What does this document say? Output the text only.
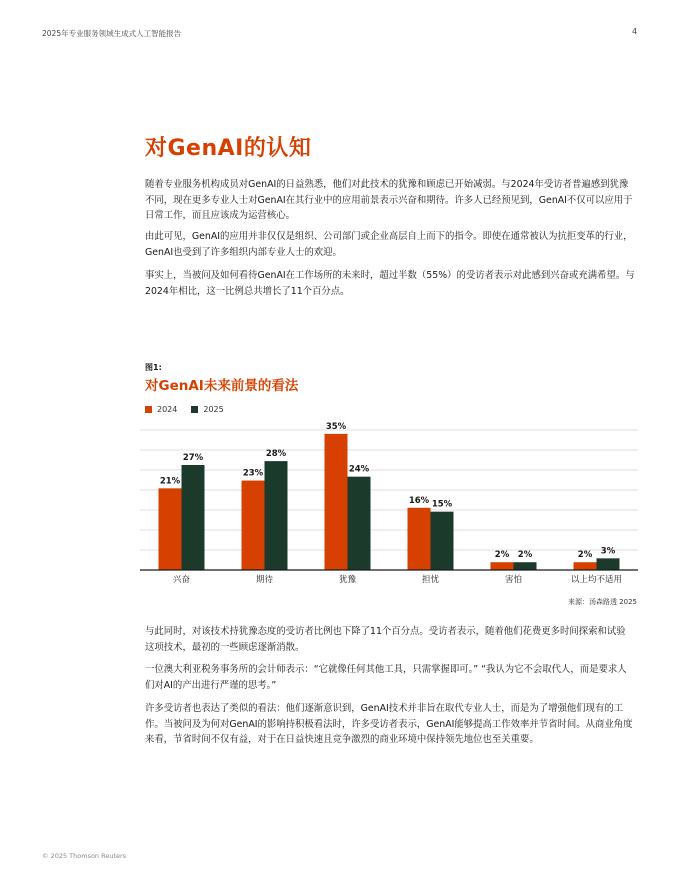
2025年专业服务领域生成式人工智能报告	4
对GenAI的认知

随着专业服务机构成员对GenAI的日益熟悉，他们对此技术的犹豫和顾虑已开始减弱。与2024年受访者普遍感到犹豫不同，现在更多专业人士对GenAI在其行业中的应用前景表示兴奋和期待。许多人已经预见到，GenAI不仅可以应用于日常工作，而且应该成为运营核心。

由此可见，GenAI的应用并非仅仅是组织、公司部门或企业高层自上而下的指令。即使在通常被认为抗拒变革的行业，GenAI也受到了许多组织内部专业人士的欢迎。

事实上，当被问及如何看待GenAI在工作场所的未来时，超过半数（55%）的受访者表示对此感到兴奋或充满希望。与2024年相比，这一比例总共增长了11个百分点。

图1:
对GenAI未来前景的看法
2024	2025
21%
27%
兴奋
23%
28%
期待
35%
24%
犹豫
16% 15%
担忧
2% 2%
害怕
2% 3%
以上均不适用
来源：汤森路透 2025

与此同时，对该技术持犹豫态度的受访者比例也下降了11个百分点。受访者表示，随着他们花费更多时间探索和试验这项技术，最初的一些顾虑逐渐消散。

一位澳大利亚税务事务所的会计师表示：“它就像任何其他工具，只需掌握即可。” “我认为它不会取代人，而是要求人们对AI的产出进行严谨的思考。”

许多受访者也表达了类似的看法：他们逐渐意识到，GenAI技术并非旨在取代专业人士，而是为了增强他们现有的工作。当被问及为何对GenAI的影响持积极看法时，许多受访者表示，GenAI能够提高工作效率并节省时间。从商业角度来看，节省时间不仅有益，对于在日益快速且竞争激烈的商业环境中保持领先地位也至关重要。

© 2025 Thomson Reuters
